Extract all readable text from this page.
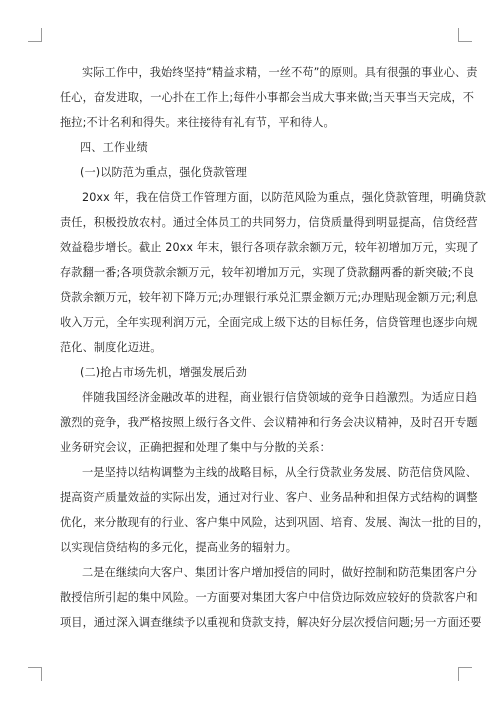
实际工作中，我始终坚持“精益求精，一丝不苟”的原则。具有很强的事业心、责
任心，奋发进取，一心扑在工作上;每件小事都会当成大事来做;当天事当天完成，不
拖拉;不计名利和得失。来往接待有礼有节，平和待人。

四、工作业绩

(一)以防范为重点，强化贷款管理

20xx 年，我在信贷工作管理方面，以防范风险为重点，强化贷款管理，明确贷款
责任，积极投放农村。通过全体员工的共同努力，信贷质量得到明显提高，信贷经营
效益稳步增长。截止 20xx 年末，银行各项存款余额万元，较年初增加万元，实现了
存款翻一番;各项贷款余额万元，较年初增加万元，实现了贷款翻两番的新突破;不良
贷款余额万元，较年初下降万元;办理银行承兑汇票金额万元;办理贴现金额万元;利息
收入万元，全年实现利润万元，全面完成上级下达的目标任务，信贷管理也逐步向规
范化、制度化迈进。

(二)抢占市场先机，增强发展后劲

伴随我国经济金融改革的进程，商业银行信贷领域的竞争日趋激烈。为适应日趋
激烈的竞争，我严格按照上级行各文件、会议精神和行务会决议精神，及时召开专题
业务研究会议，正确把握和处理了集中与分散的关系：

一是坚持以结构调整为主线的战略目标，从全行贷款业务发展、防范信贷风险、
提高资产质量效益的实际出发，通过对行业、客户、业务品种和担保方式结构的调整
优化，来分散现有的行业、客户集中风险，达到巩固、培育、发展、淘汰一批的目的，
以实现信贷结构的多元化，提高业务的辐射力。

二是在继续向大客户、集团计客户增加授信的同时，做好控制和防范集团客户分
散授信所引起的集中风险。一方面要对集团大客户中信贷边际效应较好的贷款客户和
项目，通过深入调查继续予以重视和贷款支持，解决好分层次授信问题;另一方面还要
